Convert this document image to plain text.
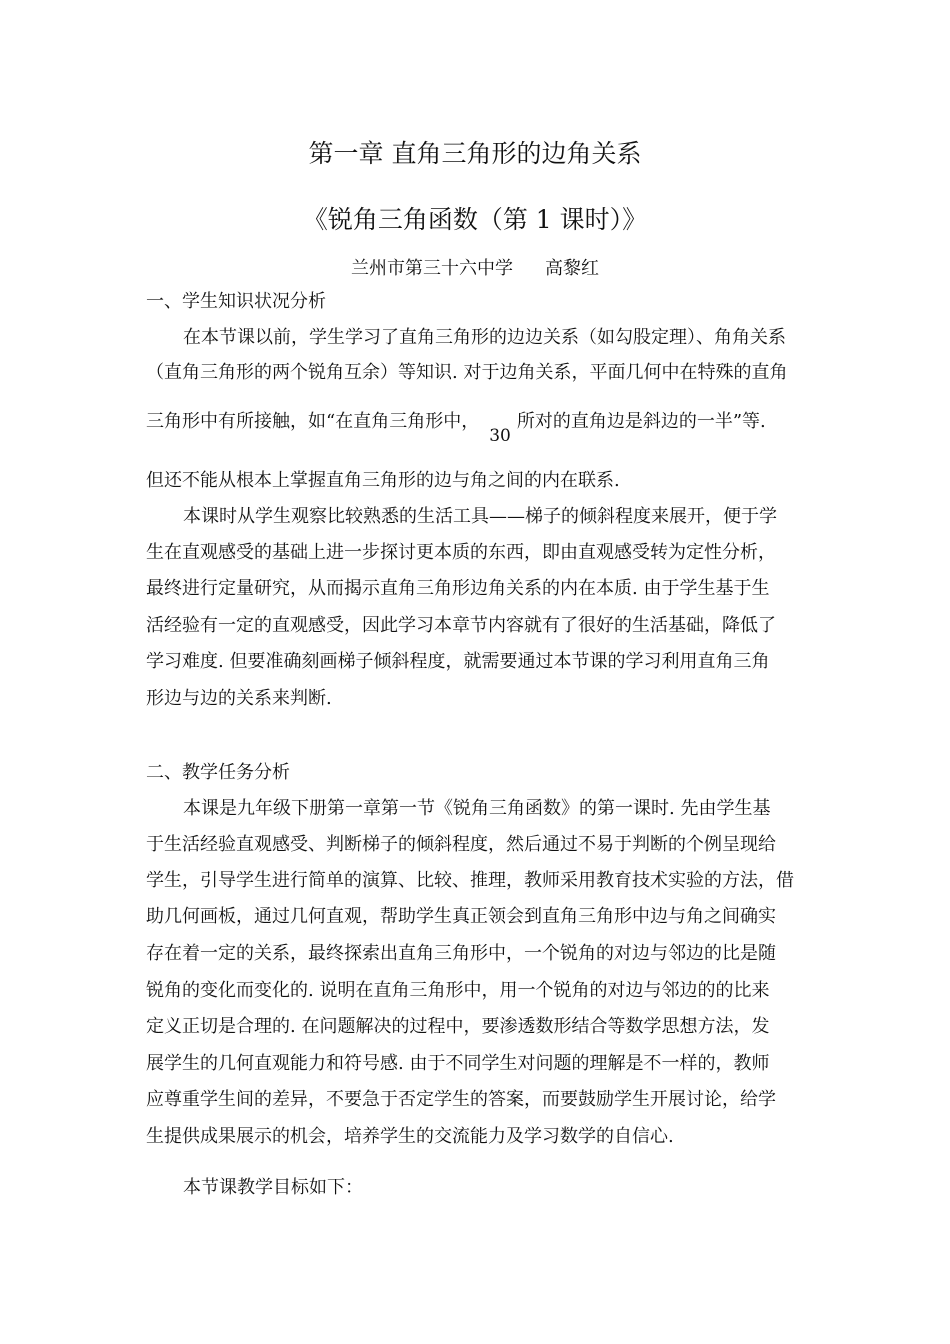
第一章 直角三角形的边角关系
《锐角三角函数（第 1 课时）》
兰州市第三十六中学 高黎红
一、学生知识状况分析
在本节课以前，学生学习了直角三角形的边边关系（如勾股定理）、角角关系
（直角三角形的两个锐角互余）等知识. 对于边角关系，平面几何中在特殊的直角
三角形中有所接触，如“在直角三角形中，30所对的直角边是斜边的一半”等.
但还不能从根本上掌握直角三角形的边与角之间的内在联系.
本课时从学生观察比较熟悉的生活工具——梯子的倾斜程度来展开，便于学
生在直观感受的基础上进一步探讨更本质的东西，即由直观感受转为定性分析，
最终进行定量研究，从而揭示直角三角形边角关系的内在本质. 由于学生基于生
活经验有一定的直观感受，因此学习本章节内容就有了很好的生活基础，降低了
学习难度. 但要准确刻画梯子倾斜程度，就需要通过本节课的学习利用直角三角
形边与边的关系来判断.
二、教学任务分析
本课是九年级下册第一章第一节《锐角三角函数》的第一课时. 先由学生基
于生活经验直观感受、判断梯子的倾斜程度，然后通过不易于判断的个例呈现给
学生，引导学生进行简单的演算、比较、推理，教师采用教育技术实验的方法，借
助几何画板，通过几何直观，帮助学生真正领会到直角三角形中边与角之间确实
存在着一定的关系，最终探索出直角三角形中，一个锐角的对边与邻边的比是随
锐角的变化而变化的. 说明在直角三角形中，用一个锐角的对边与邻边的的比来
定义正切是合理的. 在问题解决的过程中，要渗透数形结合等数学思想方法，发
展学生的几何直观能力和符号感. 由于不同学生对问题的理解是不一样的，教师
应尊重学生间的差异，不要急于否定学生的答案，而要鼓励学生开展讨论，给学
生提供成果展示的机会，培养学生的交流能力及学习数学的自信心.
本节课教学目标如下：
